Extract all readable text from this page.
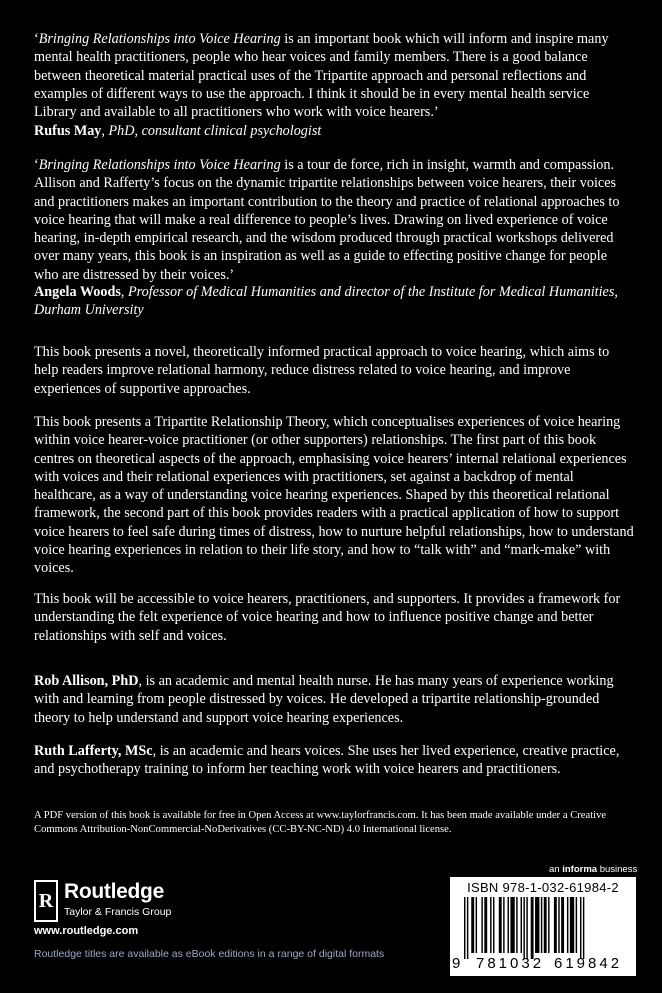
‘Bringing Relationships into Voice Hearing is an important book which will inform and inspire many mental health practitioners, people who hear voices and family members. There is a good balance between theoretical material practical uses of the Tripartite approach and personal reflections and examples of different ways to use the approach. I think it should be in every mental health service Library and available to all practitioners who work with voice hearers.’

Rufus May, PhD, consultant clinical psychologist

‘Bringing Relationships into Voice Hearing is a tour de force, rich in insight, warmth and compassion. Allison and Rafferty’s focus on the dynamic tripartite relationships between voice hearers, their voices and practitioners makes an important contribution to the theory and practice of relational approaches to voice hearing that will make a real difference to people’s lives. Drawing on lived experience of voice hearing, in-depth empirical research, and the wisdom produced through practical workshops delivered over many years, this book is an inspiration as well as a guide to effecting positive change for people who are distressed by their voices.’

Angela Woods, Professor of Medical Humanities and director of the Institute for Medical Humanities, Durham University

This book presents a novel, theoretically informed practical approach to voice hearing, which aims to help readers improve relational harmony, reduce distress related to voice hearing, and improve experiences of supportive approaches.

This book presents a Tripartite Relationship Theory, which conceptualises experiences of voice hearing within voice hearer-voice practitioner (or other supporters) relationships. The first part of this book centres on theoretical aspects of the approach, emphasising voice hearers’ internal relational experiences with voices and their relational experiences with practitioners, set against a backdrop of mental healthcare, as a way of understanding voice hearing experiences. Shaped by this theoretical relational framework, the second part of this book provides readers with a practical application of how to support voice hearers to feel safe during times of distress, how to nurture helpful relationships, how to understand voice hearing experiences in relation to their life story, and how to “talk with” and “mark-make” with voices.

This book will be accessible to voice hearers, practitioners, and supporters. It provides a framework for understanding the felt experience of voice hearing and how to influence positive change and better relationships with self and voices.

Rob Allison, PhD, is an academic and mental health nurse. He has many years of experience working with and learning from people distressed by voices. He developed a tripartite relationship-grounded theory to help understand and support voice hearing experiences.

Ruth Lafferty, MSc, is an academic and hears voices. She uses her lived experience, creative practice, and psychotherapy training to inform her teaching work with voice hearers and practitioners.

A PDF version of this book is available for free in Open Access at www.taylorfrancis.com. It has been made available under a Creative Commons Attribution-NonCommercial-NoDerivatives (CC-BY-NC-ND) 4.0 International license.

R Routledge
Taylor & Francis Group
www.routledge.com
Routledge titles are available as eBook editions in a range of digital formats
an informa business
ISBN 978-1-032-61984-2
9 781032 619842
